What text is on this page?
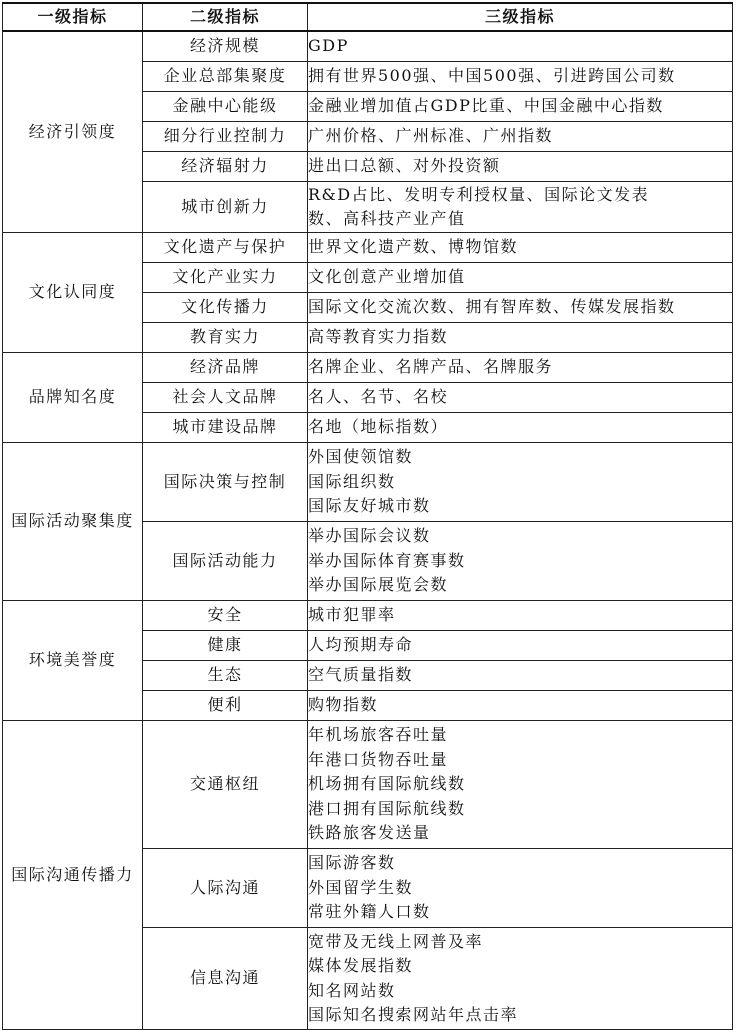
一级指标	二级指标	三级指标
经济引领度	经济规模	GDP

	企业总部集聚度	拥有世界500强、中国500强、引进跨国公司数

	金融中心能级	金融业增加值占GDP比重、中国金融中心指数

	细分行业控制力	广州价格、广州标准、广州指数

	经济辐射力	进出口总额、对外投资额

	城市创新力	R&D占比、发明专利授权量、国际论文发表
数、高科技产业产值

文化认同度	文化遗产与保护	世界文化遗产数、博物馆数

	文化产业实力	文化创意产业增加值

	文化传播力	国际文化交流次数、拥有智库数、传媒发展指数

	教育实力	高等教育实力指数

品牌知名度	经济品牌	名牌企业、名牌产品、名牌服务

	社会人文品牌	名人、名节、名校

	城市建设品牌	名地（地标指数）

国际活动聚集度	国际决策与控制	外国使领馆数
国际组织数
国际友好城市数

	国际活动能力	举办国际会议数
举办国际体育赛事数
举办国际展览会数

环境美誉度	安全	城市犯罪率

	健康	人均预期寿命

	生态	空气质量指数

	便利	购物指数

国际沟通传播力	交通枢纽	年机场旅客吞吐量
年港口货物吞吐量
机场拥有国际航线数
港口拥有国际航线数
铁路旅客发送量

	人际沟通	国际游客数
外国留学生数
常驻外籍人口数

	信息沟通	宽带及无线上网普及率
媒体发展指数
知名网站数
国际知名搜索网站年点击率
